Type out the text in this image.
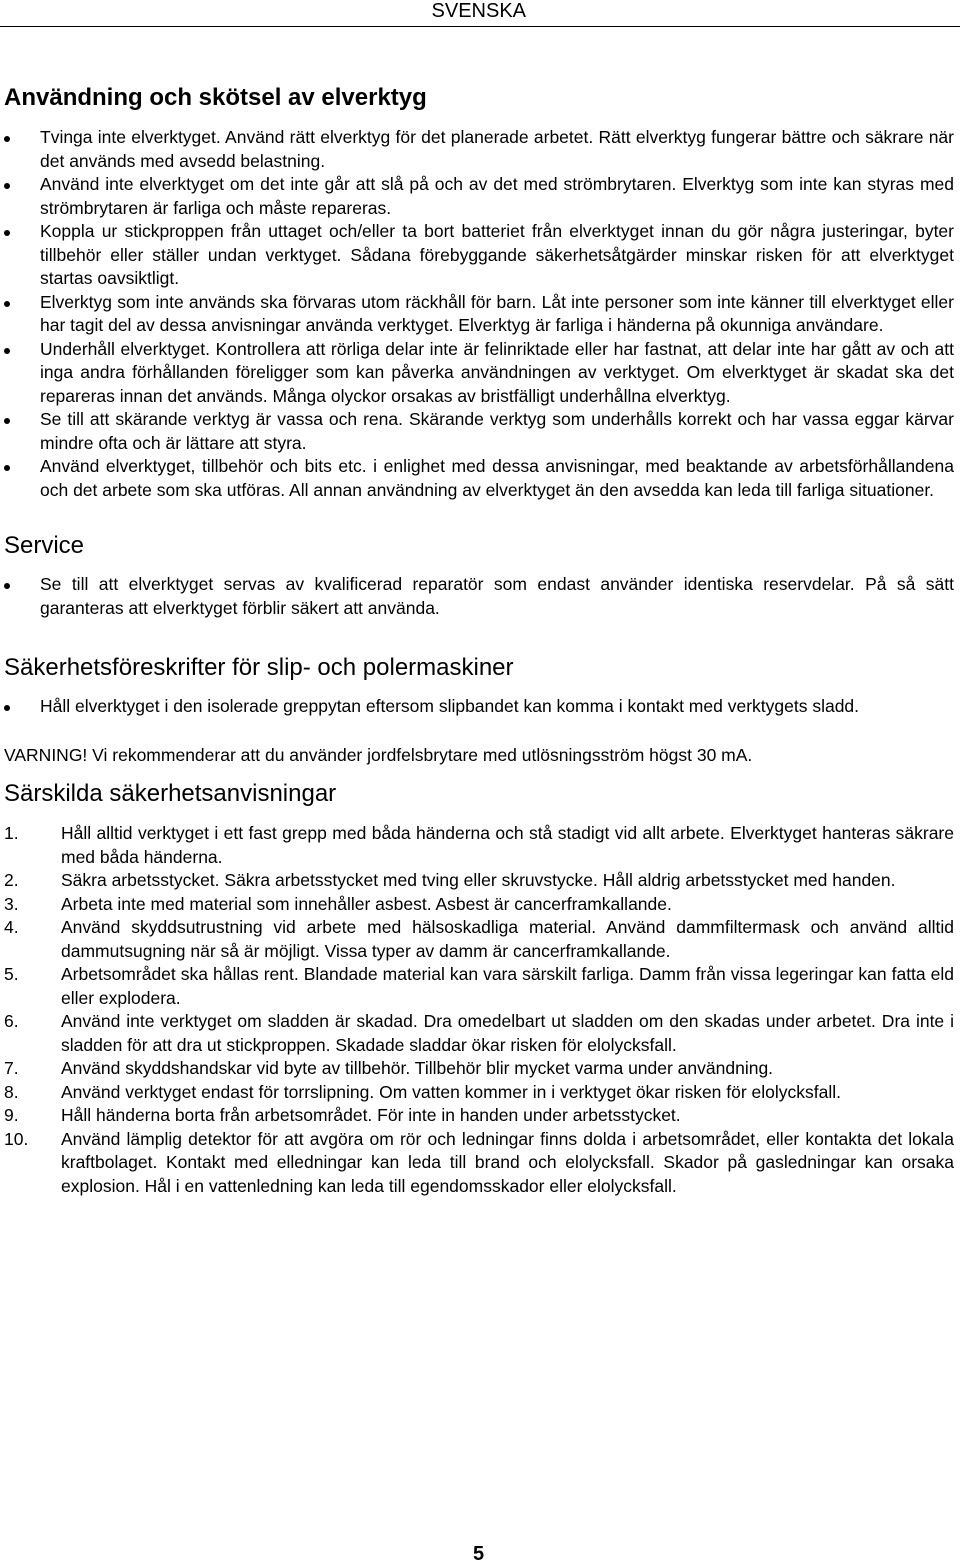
SVENSKA
Användning och skötsel av elverktyg
Tvinga inte elverktyget. Använd rätt elverktyg för det planerade arbetet. Rätt elverktyg fungerar bättre och säkrare när det används med avsedd belastning.
Använd inte elverktyget om det inte går att slå på och av det med strömbrytaren. Elverktyg som inte kan styras med strömbrytaren är farliga och måste repareras.
Koppla ur stickproppen från uttaget och/eller ta bort batteriet från elverktyget innan du gör några justeringar, byter tillbehör eller ställer undan verktyget. Sådana förebyggande säkerhetsåtgärder minskar risken för att elverktyget startas oavsiktligt.
Elverktyg som inte används ska förvaras utom räckhåll för barn. Låt inte personer som inte känner till elverktyget eller har tagit del av dessa anvisningar använda verktyget. Elverktyg är farliga i händerna på okunniga användare.
Underhåll elverktyget. Kontrollera att rörliga delar inte är felinriktade eller har fastnat, att delar inte har gått av och att inga andra förhållanden föreligger som kan påverka användningen av verktyget. Om elverktyget är skadat ska det repareras innan det används. Många olyckor orsakas av bristfälligt underhållna elverktyg.
Se till att skärande verktyg är vassa och rena. Skärande verktyg som underhålls korrekt och har vassa eggar kärvar mindre ofta och är lättare att styra.
Använd elverktyget, tillbehör och bits etc. i enlighet med dessa anvisningar, med beaktande av arbetsförhållandena och det arbete som ska utföras. All annan användning av elverktyget än den avsedda kan leda till farliga situationer.
Service
Se till att elverktyget servas av kvalificerad reparatör som endast använder identiska reservdelar. På så sätt garanteras att elverktyget förblir säkert att använda.
Säkerhetsföreskrifter för slip- och polermaskiner
Håll elverktyget i den isolerade greppytan eftersom slipbandet kan komma i kontakt med verktygets sladd.

VARNING! Vi rekommenderar att du använder jordfelsbrytare med utlösningsström högst 30 mA.

Särskilda säkerhetsanvisningar
1. Håll alltid verktyget i ett fast grepp med båda händerna och stå stadigt vid allt arbete. Elverktyget hanteras säkrare med båda händerna.
2. Säkra arbetsstycket. Säkra arbetsstycket med tving eller skruvstycke. Håll aldrig arbetsstycket med handen.
3. Arbeta inte med material som innehåller asbest. Asbest är cancerframkallande.
4. Använd skyddsutrustning vid arbete med hälsoskadliga material. Använd dammfiltermask och använd alltid dammutsugning när så är möjligt. Vissa typer av damm är cancerframkallande.
5. Arbetsområdet ska hållas rent. Blandade material kan vara särskilt farliga. Damm från vissa legeringar kan fatta eld eller explodera.
6. Använd inte verktyget om sladden är skadad. Dra omedelbart ut sladden om den skadas under arbetet. Dra inte i sladden för att dra ut stickproppen. Skadade sladdar ökar risken för elolycksfall.
7. Använd skyddshandskar vid byte av tillbehör. Tillbehör blir mycket varma under användning.
8. Använd verktyget endast för torrslipning. Om vatten kommer in i verktyget ökar risken för elolycksfall.
9. Håll händerna borta från arbetsområdet. För inte in handen under arbetsstycket.
10. Använd lämplig detektor för att avgöra om rör och ledningar finns dolda i arbetsområdet, eller kontakta det lokala kraftbolaget. Kontakt med elledningar kan leda till brand och elolycksfall. Skador på gasledningar kan orsaka explosion. Hål i en vattenledning kan leda till egendomsskador eller elolycksfall.
5
